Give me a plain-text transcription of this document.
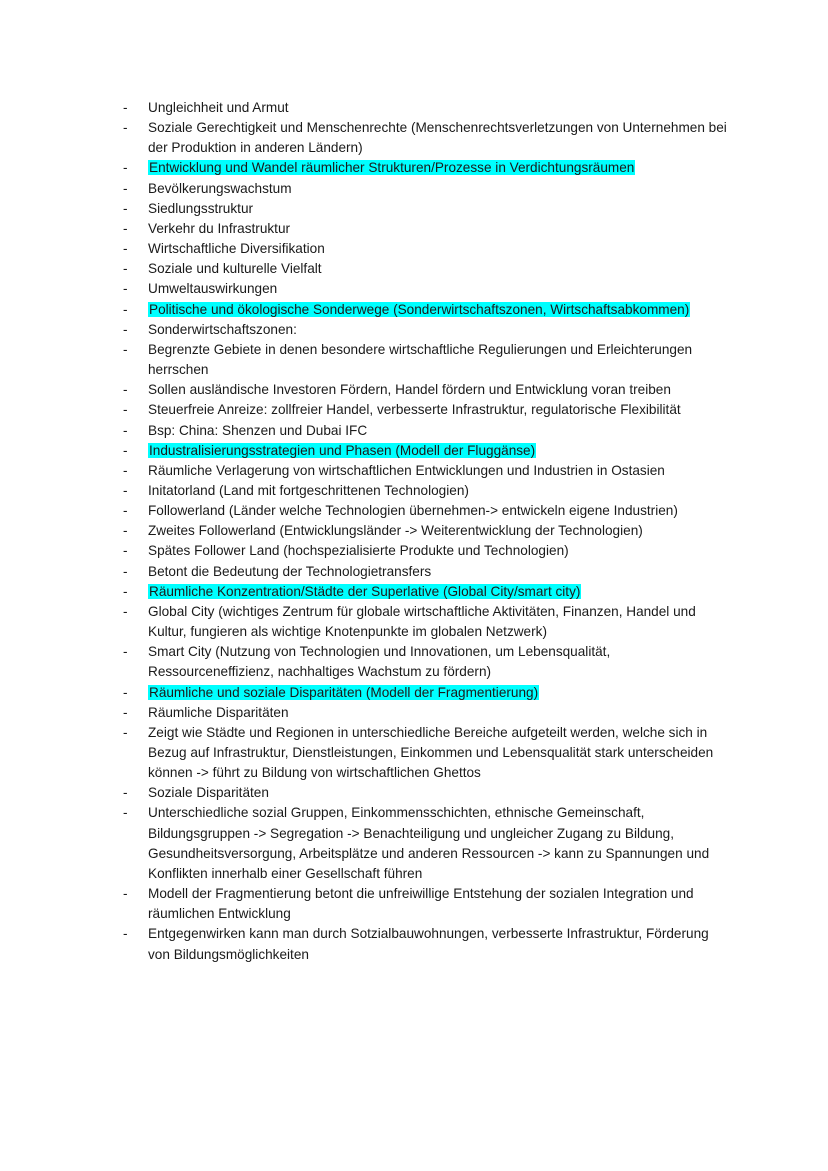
- Ungleichheit und Armut
- Soziale Gerechtigkeit und Menschenrechte (Menschenrechtsverletzungen von Unternehmen bei der Produktion in anderen Ländern)
- Entwicklung und Wandel räumlicher Strukturen/Prozesse in Verdichtungsräumen
- Bevölkerungswachstum
- Siedlungsstruktur
- Verkehr du Infrastruktur
- Wirtschaftliche Diversifikation
- Soziale und kulturelle Vielfalt
- Umweltauswirkungen
- Politische und ökologische Sonderwege (Sonderwirtschaftszonen, Wirtschaftsabkommen)
- Sonderwirtschaftszonen:
- Begrenzte Gebiete in denen besondere wirtschaftliche Regulierungen und Erleichterungen herrschen
- Sollen ausländische Investoren Fördern, Handel fördern und Entwicklung voran treiben
- Steuerfreie Anreize: zollfreier Handel, verbesserte Infrastruktur, regulatorische Flexibilität
- Bsp: China: Shenzen und Dubai IFC
- Industralisierungsstrategien und Phasen (Modell der Fluggänse)
- Räumliche Verlagerung von wirtschaftlichen Entwicklungen und Industrien in Ostasien
- Initatorland (Land mit fortgeschrittenen Technologien)
- Followerland (Länder welche Technologien übernehmen-> entwickeln eigene Industrien)
- Zweites Followerland (Entwicklungsländer -> Weiterentwicklung der Technologien)
- Spätes Follower Land (hochspezialisierte Produkte und Technologien)
- Betont die Bedeutung der Technologietransfers
- Räumliche Konzentration/Städte der Superlative (Global City/smart city)
- Global City (wichtiges Zentrum für globale wirtschaftliche Aktivitäten, Finanzen, Handel und Kultur, fungieren als wichtige Knotenpunkte im globalen Netzwerk)
- Smart City (Nutzung von Technologien und Innovationen, um Lebensqualität, Ressourceneffizienz, nachhaltiges Wachstum zu fördern)
- Räumliche und soziale Disparitäten (Modell der Fragmentierung)
- Räumliche Disparitäten
- Zeigt wie Städte und Regionen in unterschiedliche Bereiche aufgeteilt werden, welche sich in Bezug auf Infrastruktur, Dienstleistungen, Einkommen und Lebensqualität stark unterscheiden können -> führt zu Bildung von wirtschaftlichen Ghettos
- Soziale Disparitäten
- Unterschiedliche sozial Gruppen, Einkommensschichten, ethnische Gemeinschaft, Bildungsgruppen -> Segregation -> Benachteiligung und ungleicher Zugang zu Bildung, Gesundheitsversorgung, Arbeitsplätze und anderen Ressourcen -> kann zu Spannungen und Konflikten innerhalb einer Gesellschaft führen
- Modell der Fragmentierung betont die unfreiwillige Entstehung der sozialen Integration und räumlichen Entwicklung
- Entgegenwirken kann man durch Sotzialbauwohnungen, verbesserte Infrastruktur, Förderung von Bildungsmöglichkeiten
